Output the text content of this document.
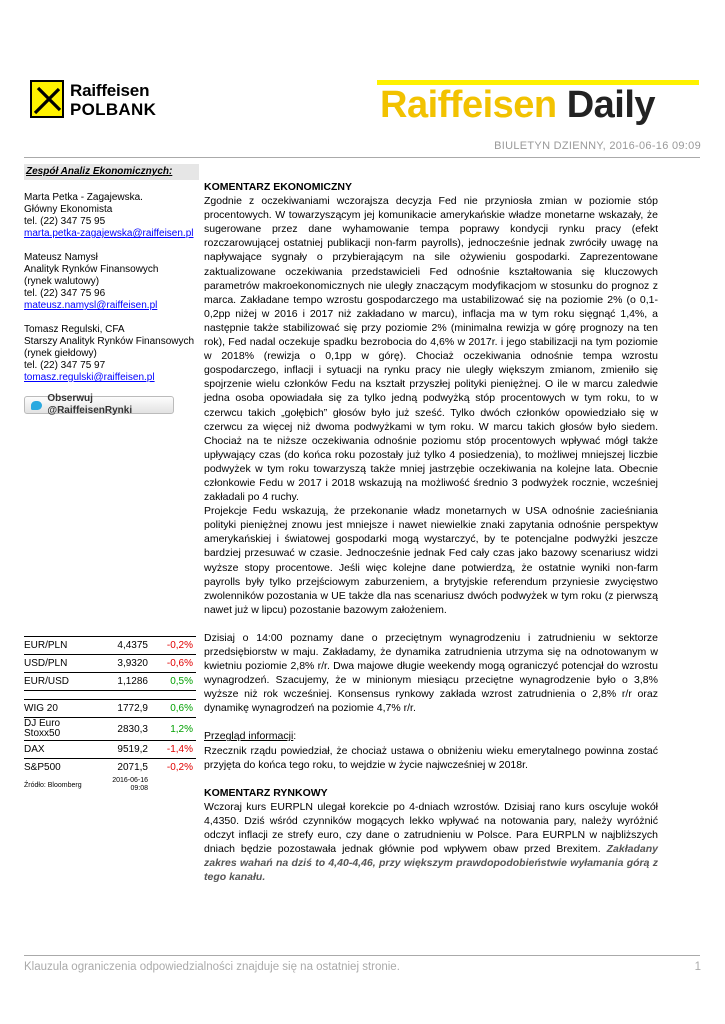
Raiffeisen
POLBANK	Raiffeisen Daily
BIULETYN DZIENNY, 2016-06-16 09:09
Zespół Analiz Ekonomicznych:
Marta Petka - Zagajewska.
Główny Ekonomista
tel. (22) 347 75 95
marta.petka-zagajewska@raiffeisen.pl
Mateusz Namysł
Analityk Rynków Finansowych
(rynek walutowy)
tel. (22) 347 75 96
mateusz.namysl@raiffeisen.pl
Tomasz Regulski, CFA
Starszy Analityk Rynków Finansowych
(rynek giełdowy)
tel. (22) 347 75 97
tomasz.regulski@raiffeisen.pl
Obserwuj @RaiffeisenRynki
EUR/PLN	4,4375	-0,2%
USD/PLN	3,9320	-0,6%
EUR/USD	1,1286	0,5%
WIG 20	1772,9	0,6%
DJ Euro Stoxx50	2830,3	1,2%
DAX	9519,2	-1,4%
S&P500	2071,5	-0,2%
Źródło: Bloomberg
2016-06-16
09:08

KOMENTARZ EKONOMICZNY

Zgodnie z oczekiwaniami wczorajsza decyzja Fed nie przyniosła zmian w poziomie stóp procentowych. W towarzyszącym jej komunikacie amerykańskie władze monetarne wskazały, że sugerowane przez dane wyhamowanie tempa poprawy kondycji rynku pracy (efekt rozczarowującej ostatniej publikacji non-farm payrolls), jednocześnie jednak zwróciły uwagę na napływające sygnały o przybierającym na sile ożywieniu gospodarki. Zaprezentowane zaktualizowane oczekiwania przedstawicieli Fed odnośnie kształtowania się kluczowych parametrów makroekonomicznych nie uległy znaczącym modyfikacjom w stosunku do prognoz z marca. Zakładane tempo wzrostu gospodarczego ma ustabilizować się na poziomie 2% (o 0,1-0,2pp niżej w 2016 i 2017 niż zakładano w marcu), inflacja ma w tym roku sięgnąć 1,4%, a następnie także stabilizować się przy poziomie 2% (minimalna rewizja w górę prognozy na ten rok), Fed nadal oczekuje spadku bezrobocia do 4,6% w 2017r. i jego stabilizacji na tym poziomie w 2018% (rewizja o 0,1pp w górę). Chociaż oczekiwania odnośnie tempa wzrostu gospodarczego, inflacji i sytuacji na rynku pracy nie uległy większym zmianom, zmieniło się spojrzenie wielu członków Fedu na kształt przyszłej polityki pieniężnej. O ile w marcu zaledwie jedna osoba opowiadała się za tylko jedną podwyżką stóp procentowych w tym roku, to w czerwcu takich „gołębich” głosów było już sześć. Tylko dwóch członków opowiedziało się w czerwcu za więcej niż dwoma podwyżkami w tym roku. W marcu takich głosów było siedem. Chociaż na te niższe oczekiwania odnośnie poziomu stóp procentowych wpływać mógł także upływający czas (do końca roku pozostały już tylko 4 posiedzenia), to możliwej mniejszej liczbie podwyżek w tym roku towarzyszą także mniej jastrzębie oczekiwania na kolejne lata. Obecnie członkowie Fedu w 2017 i 2018 wskazują na możliwość średnio 3 podwyżek rocznie, wcześniej zakładali po 4 ruchy.

Projekcje Fedu wskazują, że przekonanie władz monetarnych w USA odnośnie zacieśniania polityki pieniężnej znowu jest mniejsze i nawet niewielkie znaki zapytania odnośnie perspektyw amerykańskiej i światowej gospodarki mogą wystarczyć, by te potencjalne podwyżki jeszcze bardziej przesuwać w czasie. Jednocześnie jednak Fed cały czas jako bazowy scenariusz widzi wyższe stopy procentowe. Jeśli więc kolejne dane potwierdzą, że ostatnie wyniki non-farm payrolls były tylko przejściowym zaburzeniem, a brytyjskie referendum przyniesie zwycięstwo zwolenników pozostania w UE także dla nas scenariusz dwóch podwyżek w tym roku (z pierwszą nawet już w lipcu) pozostanie bazowym założeniem.

Dzisiaj o 14:00 poznamy dane o przeciętnym wynagrodzeniu i zatrudnieniu w sektorze przedsiębiorstw w maju. Zakładamy, że dynamika zatrudnienia utrzyma się na odnotowanym w kwietniu poziomie 2,8% r/r. Dwa majowe długie weekendy mogą ograniczyć potencjał do wzrostu wynagrodzeń. Szacujemy, że w minionym miesiącu przeciętne wynagrodzenie było o 3,8% wyższe niż rok wcześniej. Konsensus rynkowy zakłada wzrost zatrudnienia o 2,8% r/r oraz dynamikę wynagrodzeń na poziomie 4,7% r/r.

Przegląd informacji:

Rzecznik rządu powiedział, że chociaż ustawa o obniżeniu wieku emerytalnego powinna zostać przyjęta do końca tego roku, to wejdzie w życie najwcześniej w 2018r.

KOMENTARZ RYNKOWY

Wczoraj kurs EURPLN ulegał korekcie po 4-dniach wzrostów. Dzisiaj rano kurs oscyluje wokół 4,4350. Dziś wśród czynników mogących lekko wpływać na notowania pary, należy wyróżnić odczyt inflacji ze strefy euro, czy dane o zatrudnieniu w Polsce. Para EURPLN w najbliższych dniach będzie pozostawała jednak głównie pod wpływem obaw przed Brexitem. Zakładany zakres wahań na dziś to 4,40-4,46, przy większym prawdopodobieństwie wyłamania górą z tego kanału.

Klauzula ograniczenia odpowiedzialności znajduje się na ostatniej stronie.	1
